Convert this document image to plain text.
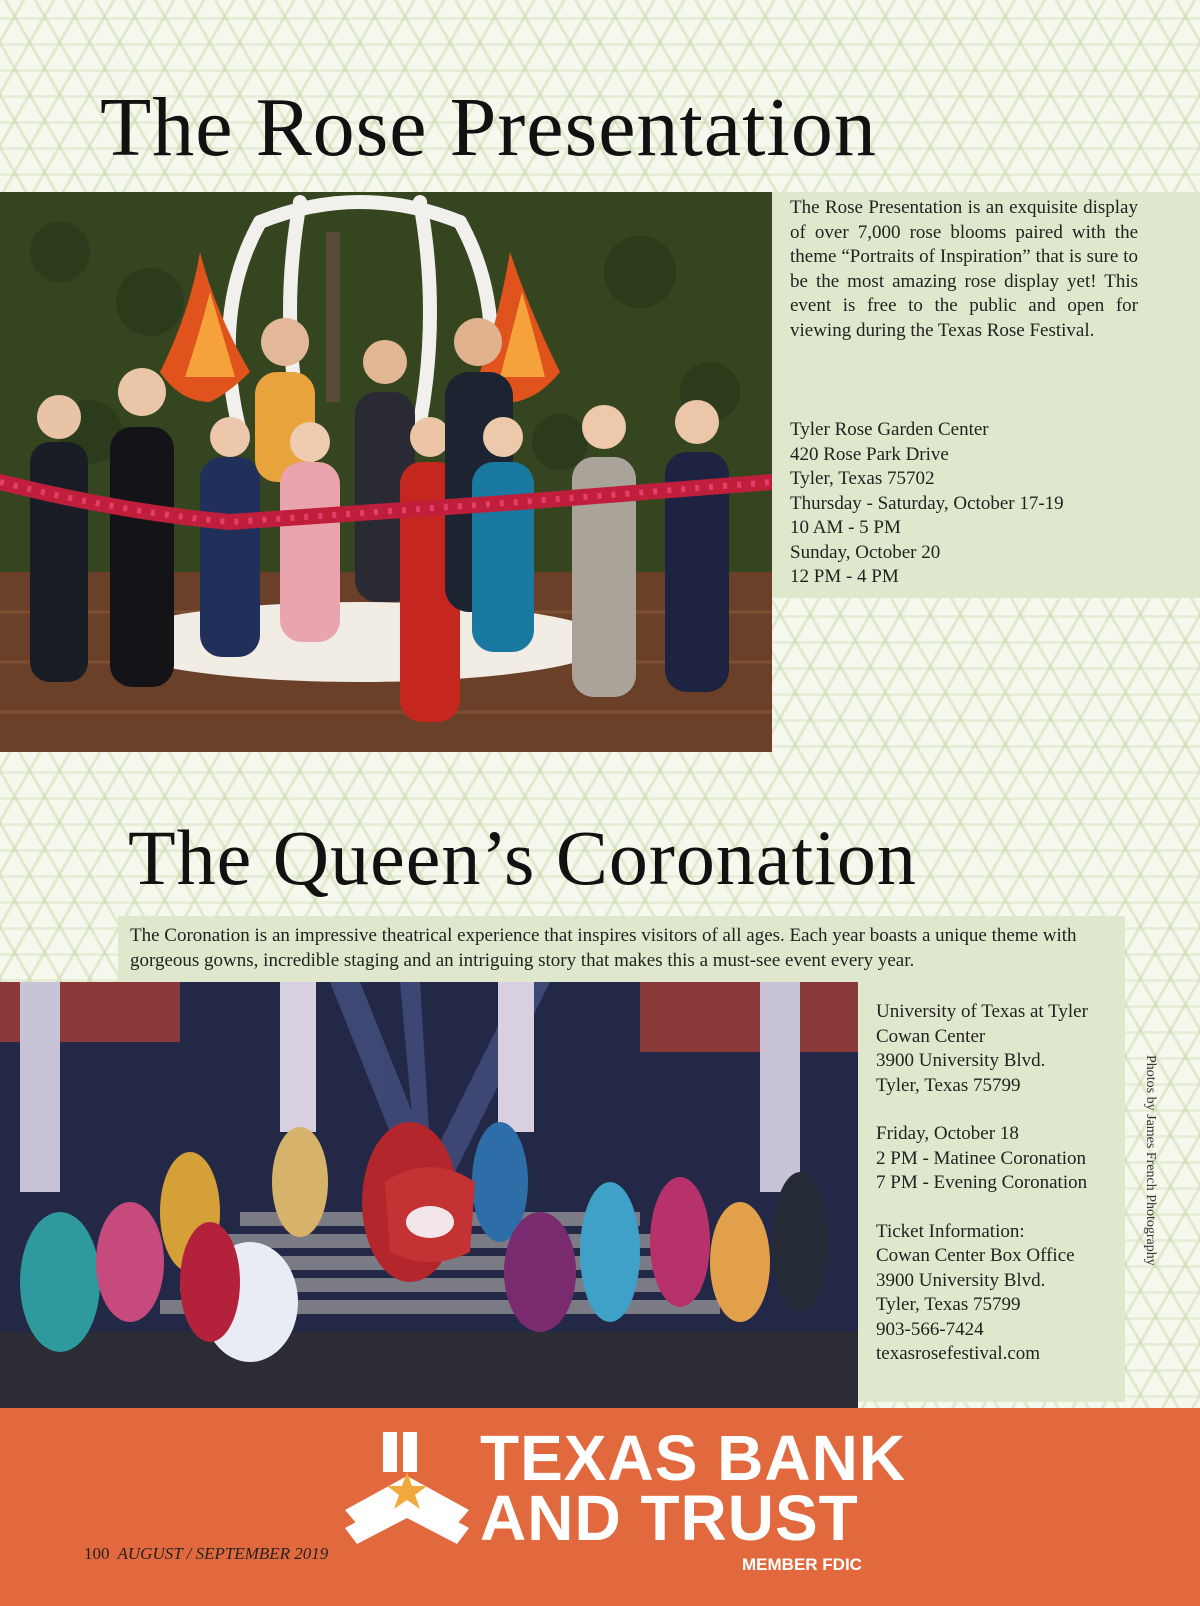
The Rose Presentation
The Rose Presentation is an exquisite display of over 7,000 rose blooms paired with the theme “Portraits of Inspiration” that is sure to be the most amazing rose display yet! This event is free to the public and open for viewing during the Texas Rose Festival.
Tyler Rose Garden Center
420 Rose Park Drive
Tyler, Texas 75702
Thursday - Saturday, October 17-19
10 AM - 5 PM
Sunday, October 20
12 PM - 4 PM
The Queen’s Coronation
The Coronation is an impressive theatrical experience that inspires visitors of all ages. Each year boasts a unique theme with gorgeous gowns, incredible staging and an intriguing story that makes this a must-see event every year.
University of Texas at Tyler
Cowan Center
3900 University Blvd.
Tyler, Texas 75799
Friday, October 18
2 PM - Matinee Coronation
7 PM - Evening Coronation
Ticket Information:
Cowan Center Box Office
3900 University Blvd.
Tyler, Texas 75799
903-566-7424
texasrosefestival.com
Photos by James French Photography
TEXAS BANK
AND TRUST
MEMBER FDIC
100 AUGUST / SEPTEMBER 2019
